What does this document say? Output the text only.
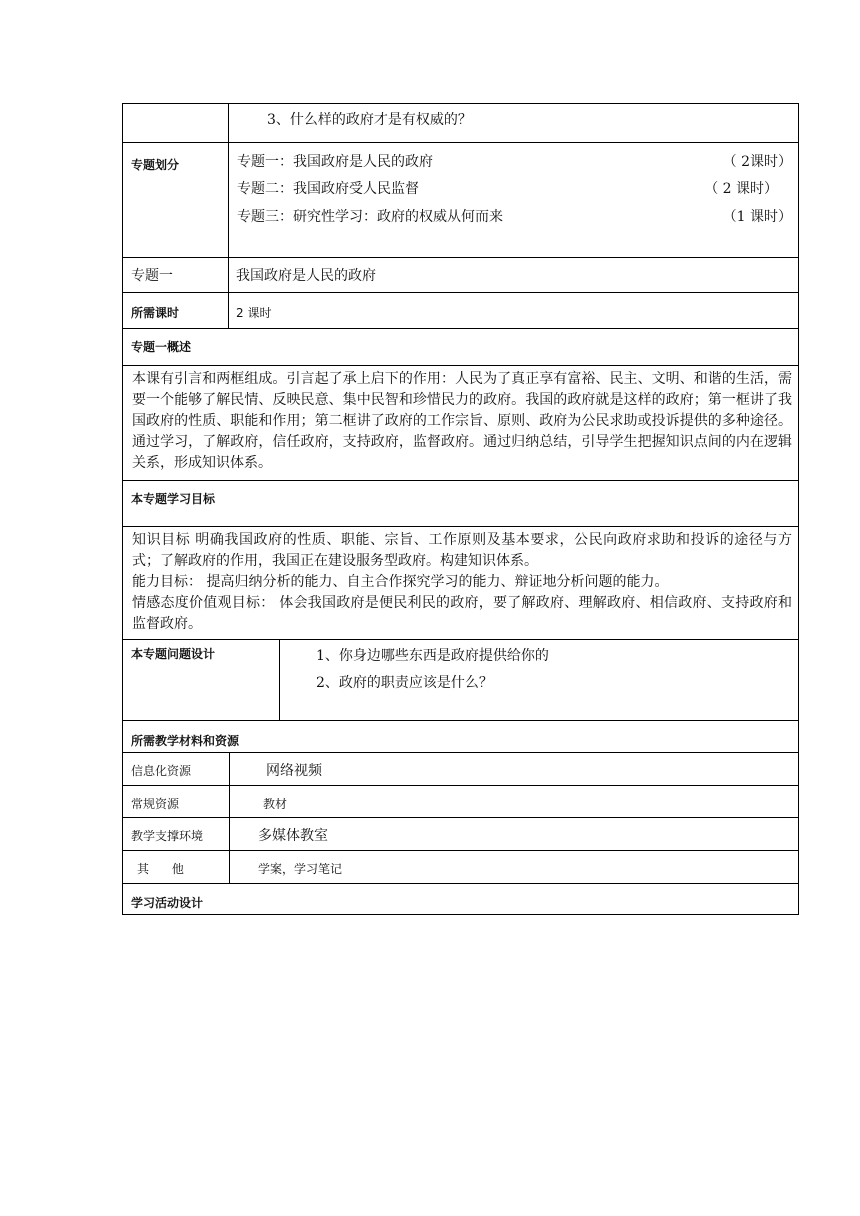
3、什么样的政府才是有权威的？
专题划分	专题一：我国政府是人民的政府	（ 2课时）
专题二：我国政府受人民监督	（ 2 课时）
专题三：研究性学习：政府的权威从何而来	（1 课时）
专题一	我国政府是人民的政府
所需课时	2 课时
专题一概述
本课有引言和两框组成。引言起了承上启下的作用：人民为了真正享有富裕、民主、文明、和谐的生活，需要一个能够了解民情、反映民意、集中民智和珍惜民力的政府。我国的政府就是这样的政府；第一框讲了我国政府的性质、职能和作用；第二框讲了政府的工作宗旨、原则、政府为公民求助或投诉提供的多种途径。通过学习，了解政府，信任政府，支持政府，监督政府。通过归纳总结，引导学生把握知识点间的内在逻辑关系，形成知识体系。
本专题学习目标
知识目标 明确我国政府的性质、职能、宗旨、工作原则及基本要求，公民向政府求助和投诉的途径与方式；了解政府的作用，我国正在建设服务型政府。构建知识体系。
能力目标： 提高归纳分析的能力、自主合作探究学习的能力、辩证地分析问题的能力。
情感态度价值观目标： 体会我国政府是便民利民的政府，要了解政府、理解政府、相信政府、支持政府和监督政府。
本专题问题设计	1、你身边哪些东西是政府提供给你的
2、政府的职责应该是什么？
所需教学材料和资源
信息化资源	网络视频
常规资源	教材
教学支撑环境	多媒体教室
其      他	学案，学习笔记
学习活动设计
